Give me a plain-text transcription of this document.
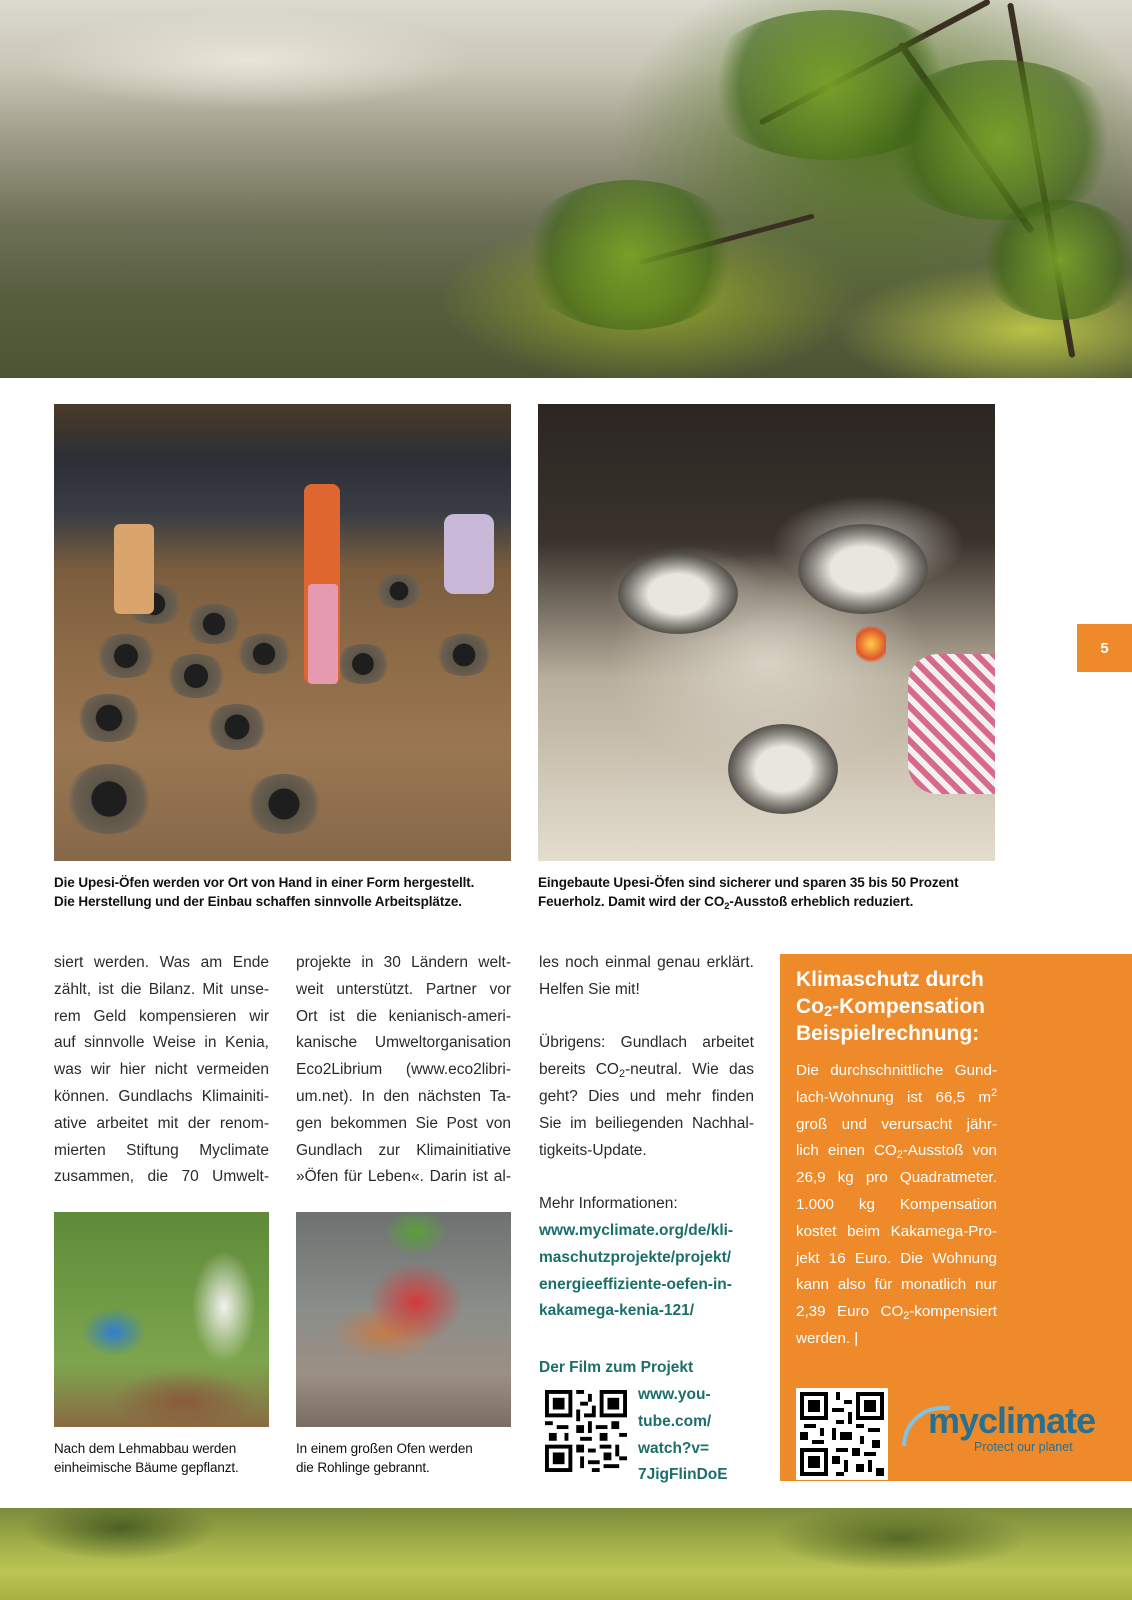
Die Upesi-Öfen werden vor Ort von Hand in einer Form hergestellt.
Die Herstellung und der Einbau schaffen sinnvolle Arbeitsplätze.
Eingebaute Upesi-Öfen sind sicherer und sparen 35 bis 50 Prozent
Feuerholz. Damit wird der $CO_2$-Ausstoß erheblich reduziert.
5
siert werden. Was am Ende
zählt, ist die Bilanz. Mit unse-
rem Geld kompensieren wir
auf sinnvolle Weise in Kenia,
was wir hier nicht vermeiden
können. Gundlachs Klimainiti-
ative arbeitet mit der renom-
mierten Stiftung Myclimate
zusammen, die 70 Umwelt-
projekte in 30 Ländern welt-
weit unterstützt. Partner vor
Ort ist die kenianisch-ameri-
kanische Umweltorganisation
Eco2Librium (www.eco2libri-
um.net). In den nächsten Ta-
gen bekommen Sie Post von
Gundlach zur Klimainitiative
»Öfen für Leben«. Darin ist al-
les noch einmal genau erklärt.
Helfen Sie mit!
Übrigens: Gundlach arbeitet
bereits $CO_2$-neutral. Wie das
geht? Dies und mehr finden
Sie im beiliegenden Nachhal-
tigkeits-Update.
Mehr Informationen:
www.myclimate.org/de/kli-
maschutzprojekte/projekt/
energieeffiziente-oefen-in-
kakamega-kenia-121/
Der Film zum Projekt
www.you-
tube.com/
watch?v=
7JigFlinDoE
Nach dem Lehmabbau werden
einheimische Bäume gepflanzt.
In einem großen Ofen werden
die Rohlinge gebrannt.
Klimaschutz durch
$Co_2$-Kompensation
Beispielrechnung:
Die durchschnittliche Gund-
lach-Wohnung ist 66,5 $m^2$
groß und verursacht jähr-
lich einen $CO_2$-Ausstoß von
26,9 kg pro Quadratmeter.
1.000 kg Kompensation
kostet beim Kakamega-Pro-
jekt 16 Euro. Die Wohnung
kann also für monatlich nur
2,39 Euro $CO_2$-kompensiert
werden. |
myclimate
Protect our planet
